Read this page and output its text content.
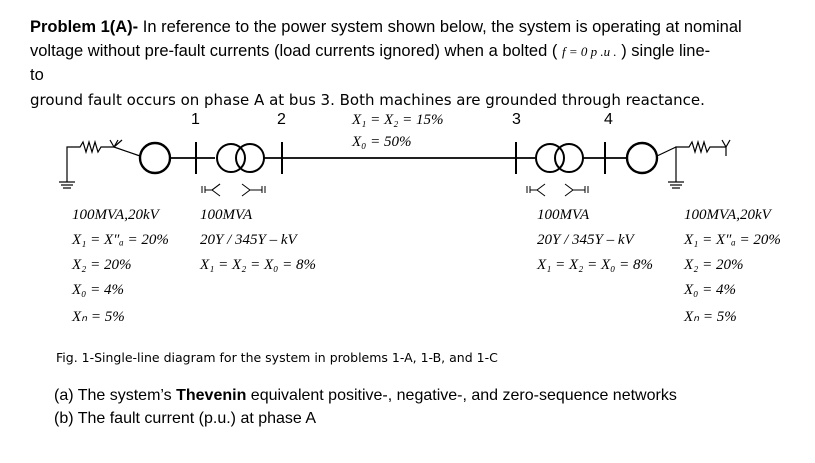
Problem 1(A)- In reference to the power system shown below, the system is operating at nominal
voltage without pre-fault currents (load currents ignored) when a bolted ( f = 0 p .u . ) single line-
to
ground fault occurs on phase A at bus 3. Both machines are grounded through reactance.
1	2	3	4
X₁ = X₂ = 15%
X₀ = 50%
100MVA,20kV
X₁ = X″ₐ = 20%
X₂ = 20%
X₀ = 4%
Xₙ = 5%
100MVA
20Y / 345Y – kV
X₁ = X₂ = X₀ = 8%
100MVA
20Y / 345Y – kV
X₁ = X₂ = X₀ = 8%
100MVA,20kV
X₁ = X″ₐ = 20%
X₂ = 20%
X₀ = 4%
Xₙ = 5%
Fig. 1-Single-line diagram for the system in problems 1-A, 1-B, and 1-C
(a) The system’s Thevenin equivalent positive-, negative-, and zero-sequence networks
(b) The fault current (p.u.) at phase A
